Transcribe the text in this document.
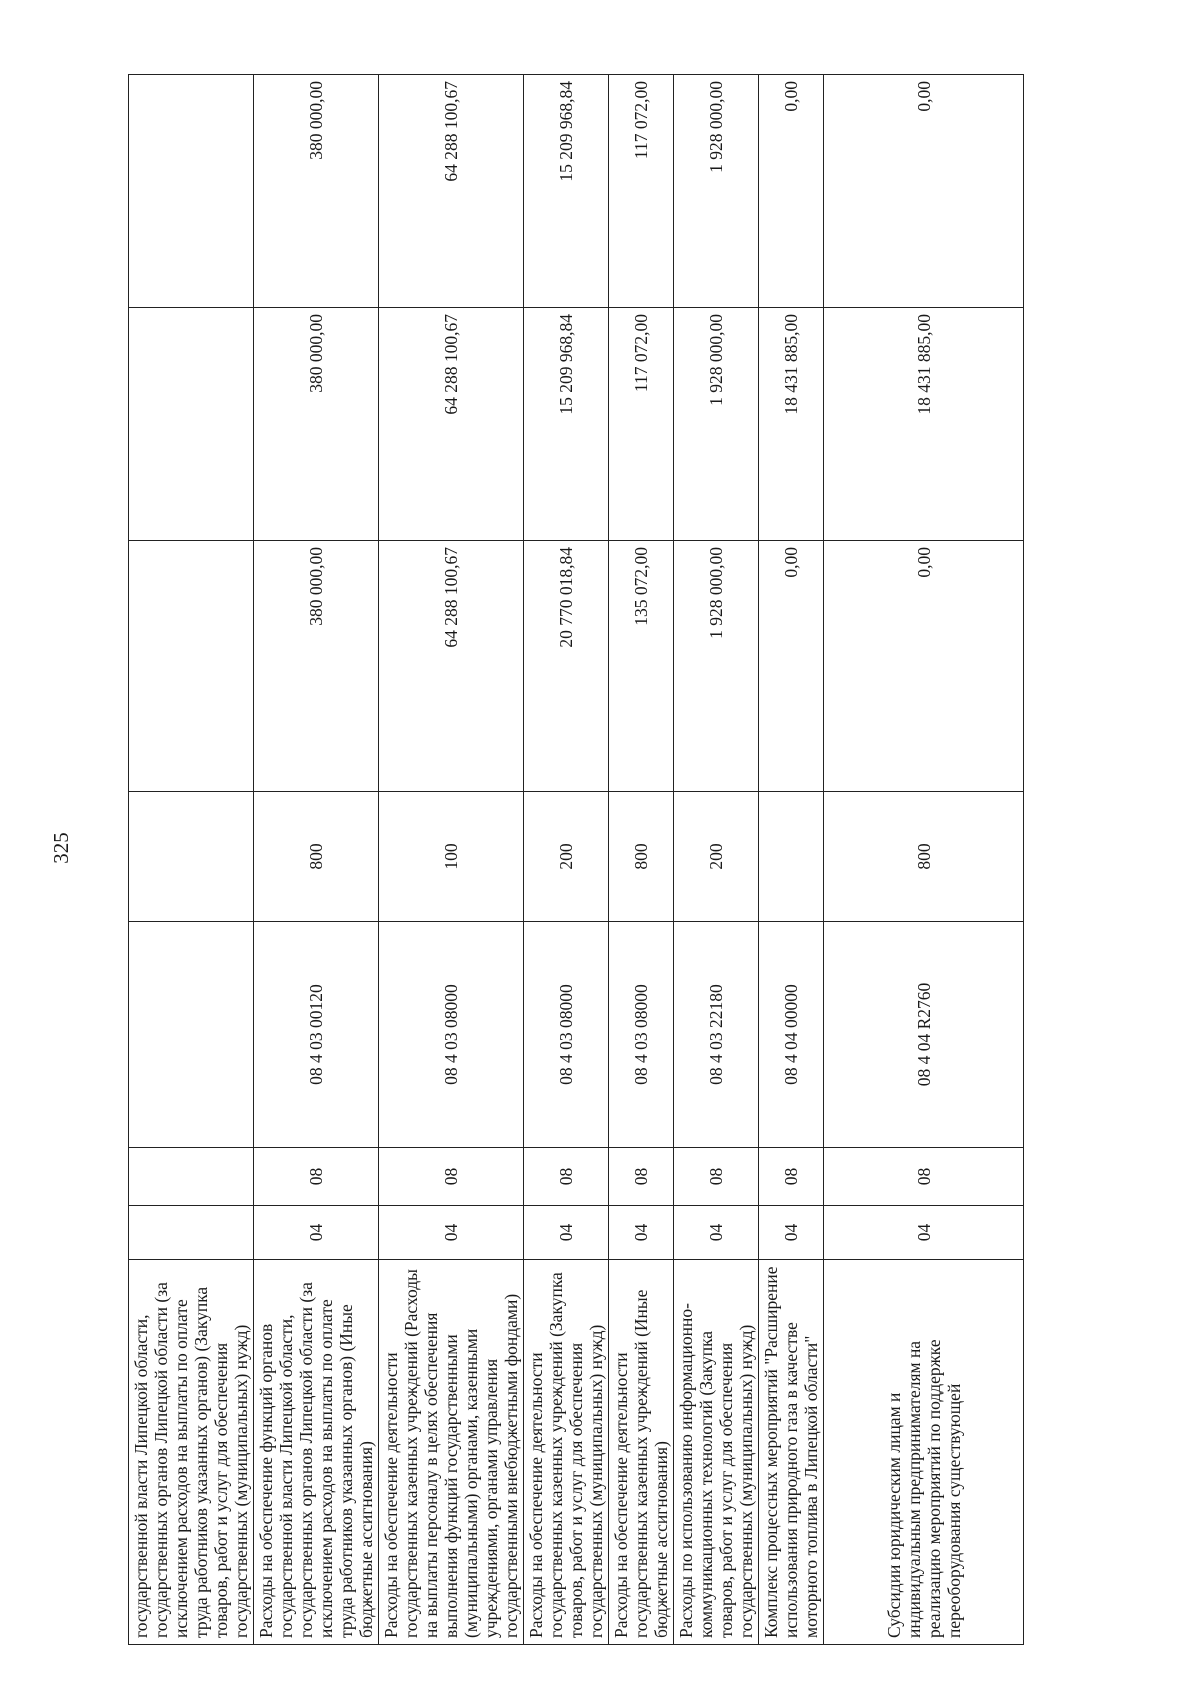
325
государственной власти Липецкой области, государственных органов Липецкой области (за исключением расходов на выплаты по оплате труда работников указанных органов) (Закупка товаров, работ и услуг для обеспечения государственных (муниципальных) нужд)							
Расходы на обеспечение функций органов государственной власти Липецкой области, государственных органов Липецкой области (за исключением расходов на выплаты по оплате труда работников указанных органов) (Иные бюджетные ассигнования)	04	08	08 4 03 00120	800	380 000,00	380 000,00	380 000,00
Расходы на обеспечение деятельности государственных казенных учреждений (Расходы на выплаты персоналу в целях обеспечения выполнения функций государственными (муниципальными) органами, казенными учреждениями, органами управления государственными внебюджетными фондами)	04	08	08 4 03 08000	100	64 288 100,67	64 288 100,67	64 288 100,67
Расходы на обеспечение деятельности государственных казенных учреждений (Закупка товаров, работ и услуг для обеспечения государственных (муниципальных) нужд)	04	08	08 4 03 08000	200	20 770 018,84	15 209 968,84	15 209 968,84
Расходы на обеспечение деятельности государственных казенных учреждений (Иные бюджетные ассигнования)	04	08	08 4 03 08000	800	135 072,00	117 072,00	117 072,00
Расходы по использованию информационно-коммуникационных технологий (Закупка товаров, работ и услуг для обеспечения государственных (муниципальных) нужд)	04	08	08 4 03 22180	200	1 928 000,00	1 928 000,00	1 928 000,00
Комплекс процессных мероприятий "Расширение использования природного газа в качестве моторного топлива в Липецкой области"	04	08	08 4 04 00000		0,00	18 431 885,00	0,00
Субсидии юридическим лицам и индивидуальным предпринимателям на реализацию мероприятий по поддержке переоборудования существующей	04	08	08 4 04 R2760	800	0,00	18 431 885,00	0,00
